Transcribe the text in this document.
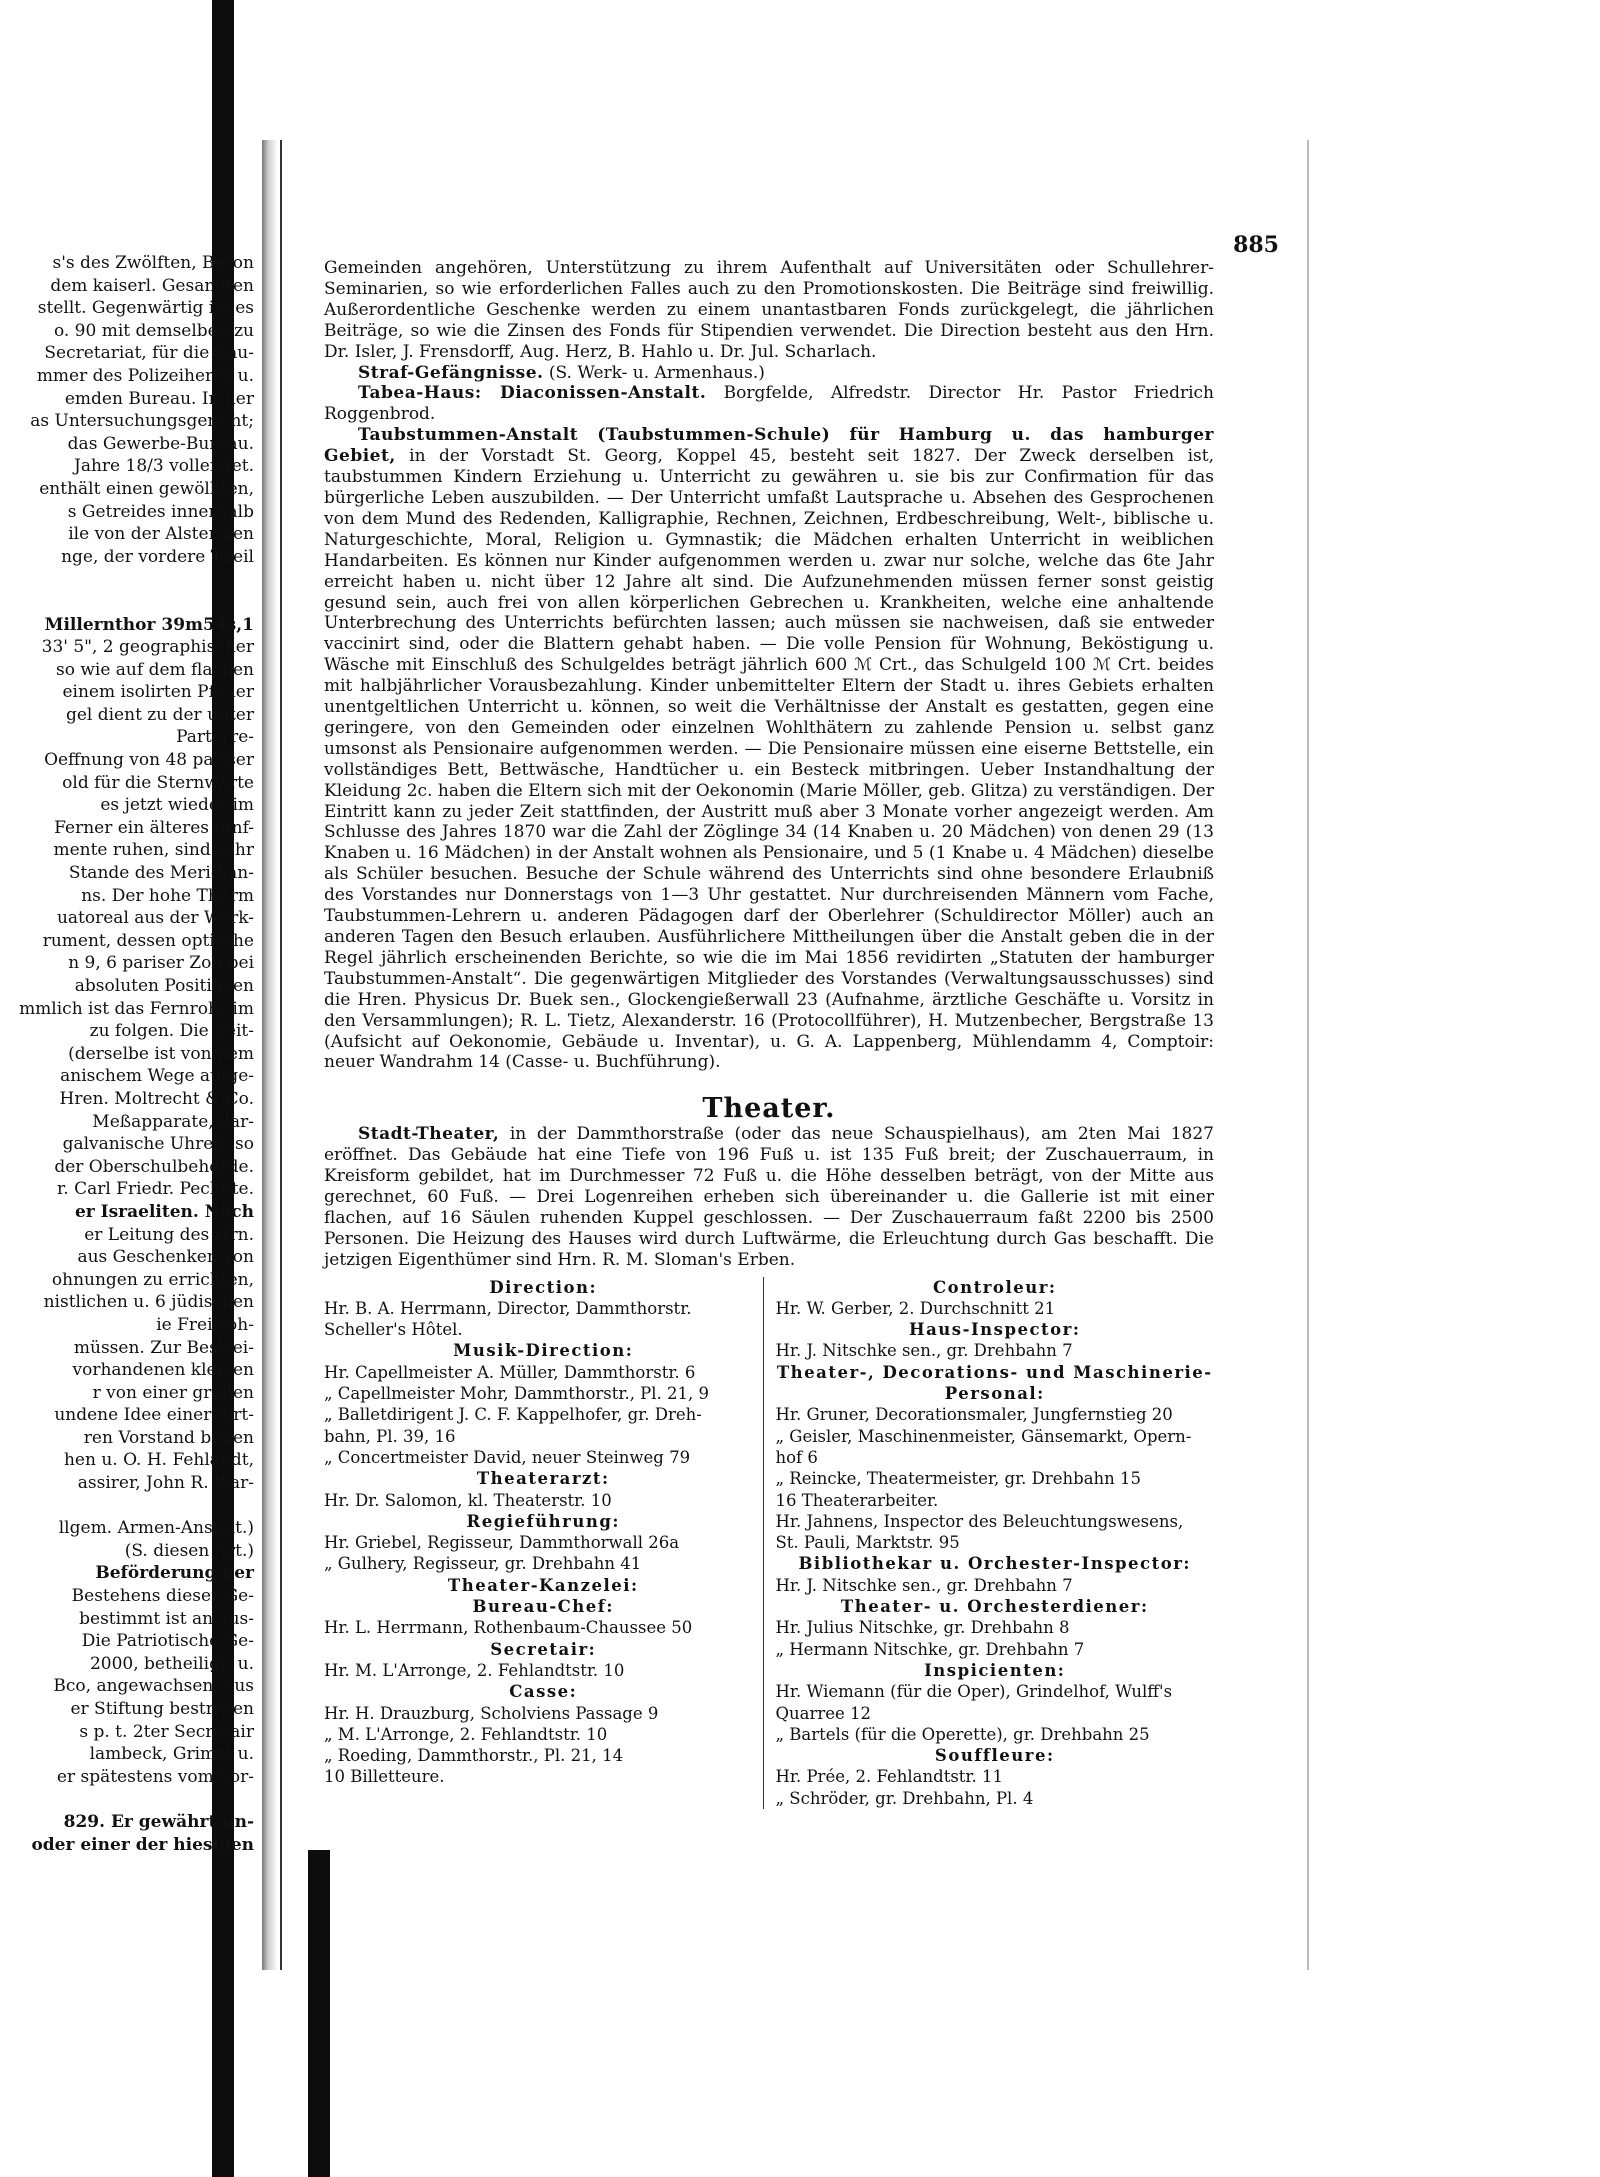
s's des Zwölften, Baron
dem kaiserl. Gesandten
stellt. Gegenwärtig ist es
o. 90 mit demselben zu
Secretariat, für die Bau-
mmer des Polizeiherrn u.
emden Bureau. In der
as Untersuchungsgericht;
das Gewerbe-Bureau.
Jahre 18/3 vollendet.
enthält einen gewölbten,
s Getreides innerhalb
ile von der Alster den
nge, der vordere Theil
Millernthor 39m54s,1
33' 5", 2 geographischer
so wie auf dem flachen
einem isolirten Pfeiler
gel dient zu der unter
Parterre-
Oeffnung von 48 pariser
old für die Sternwarte
es jetzt wieder im
Ferner ein älteres fünf-
mente ruhen, sind sehr
Stande des Meridian-
ns. Der hohe Thurm
uatoreal aus der Werk-
rument, dessen optische
n 9, 6 pariser Zoll bei
absoluten Positionen
mmlich ist das Fernrohr im
zu folgen. Die Zeit-
(derselbe ist von dem
anischem Wege aufge-
Hren. Moltrecht & Co.
Meßapparate, dar-
galvanische Uhren, so
der Oberschulbehörde.
r. Carl Friedr. Pechüte.
er Israeliten. Nach
er Leitung des Hrn.
aus Geschenken von
ohnungen zu errichten,
nistlichen u. 6 jüdischen
ie Freiwoh-
müssen. Zur Bestrei-
vorhandenen kleinen
r von einer großen
undene Idee einer fort-
ren Vorstand bilden
hen u. O. H. Fehlandt,
assirer, John R. War-
llgem. Armen-Anstalt.)
(S. diesen Art.)
Beförderung der
Bestehens dieser Ge-
bestimmt ist an aus-
Die Patriotische Ge-
2000, betheiligt, u.
Bco, angewachsen, aus
er Stiftung bestritten
s p. t. 2ter Secretair
lambeck, Grimm u.
er spätestens vom Vor-
829. Er gewährt un-
oder einer der hiesigen
885

Gemeinden angehören, Unterstützung zu ihrem Aufenthalt auf Universitäten oder Schullehrer-Seminarien, so wie erforderlichen Falles auch zu den Promotionskosten. Die Beiträge sind freiwillig. Außerordentliche Geschenke werden zu einem unantastbaren Fonds zurückgelegt, die jährlichen Beiträge, so wie die Zinsen des Fonds für Stipendien verwendet. Die Direction besteht aus den Hrn. Dr. Isler, J. Frensdorff, Aug. Herz, B. Hahlo u. Dr. Jul. Scharlach.

Straf-Gefängnisse. (S. Werk- u. Armenhaus.)

Tabea-Haus: Diaconissen-Anstalt. Borgfelde, Alfredstr. Director Hr. Pastor Friedrich Roggenbrod.

Taubstummen-Anstalt (Taubstummen-Schule) für Hamburg u. das hamburger Gebiet, in der Vorstadt St. Georg, Koppel 45, besteht seit 1827. Der Zweck derselben ist, taubstummen Kindern Erziehung u. Unterricht zu gewähren u. sie bis zur Confirmation für das bürgerliche Leben auszubilden. — Der Unterricht umfaßt Lautsprache u. Absehen des Gesprochenen von dem Mund des Redenden, Kalligraphie, Rechnen, Zeichnen, Erdbeschreibung, Welt-, biblische u. Naturgeschichte, Moral, Religion u. Gymnastik; die Mädchen erhalten Unterricht in weiblichen Handarbeiten. Es können nur Kinder aufgenommen werden u. zwar nur solche, welche das 6te Jahr erreicht haben u. nicht über 12 Jahre alt sind. Die Aufzunehmenden müssen ferner sonst geistig gesund sein, auch frei von allen körperlichen Gebrechen u. Krankheiten, welche eine anhaltende Unterbrechung des Unterrichts befürchten lassen; auch müssen sie nachweisen, daß sie entweder vaccinirt sind, oder die Blattern gehabt haben. — Die volle Pension für Wohnung, Beköstigung u. Wäsche mit Einschluß des Schulgeldes beträgt jährlich 600 ℳ Crt., das Schulgeld 100 ℳ Crt. beides mit halbjährlicher Vorausbezahlung. Kinder unbemittelter Eltern der Stadt u. ihres Gebiets erhalten unentgeltlichen Unterricht u. können, so weit die Verhältnisse der Anstalt es gestatten, gegen eine geringere, von den Gemeinden oder einzelnen Wohlthätern zu zahlende Pension u. selbst ganz umsonst als Pensionaire aufgenommen werden. — Die Pensionaire müssen eine eiserne Bettstelle, ein vollständiges Bett, Bettwäsche, Handtücher u. ein Besteck mitbringen. Ueber Instandhaltung der Kleidung 2c. haben die Eltern sich mit der Oekonomin (Marie Möller, geb. Glitza) zu verständigen. Der Eintritt kann zu jeder Zeit stattfinden, der Austritt muß aber 3 Monate vorher angezeigt werden. Am Schlusse des Jahres 1870 war die Zahl der Zöglinge 34 (14 Knaben u. 20 Mädchen) von denen 29 (13 Knaben u. 16 Mädchen) in der Anstalt wohnen als Pensionaire, und 5 (1 Knabe u. 4 Mädchen) dieselbe als Schüler besuchen. Besuche der Schule während des Unterrichts sind ohne besondere Erlaubniß des Vorstandes nur Donnerstags von 1—3 Uhr gestattet. Nur durchreisenden Männern vom Fache, Taubstummen-Lehrern u. anderen Pädagogen darf der Oberlehrer (Schuldirector Möller) auch an anderen Tagen den Besuch erlauben. Ausführlichere Mittheilungen über die Anstalt geben die in der Regel jährlich erscheinenden Berichte, so wie die im Mai 1856 revidirten „Statuten der hamburger Taubstummen-Anstalt“. Die gegenwärtigen Mitglieder des Vorstandes (Verwaltungsausschusses) sind die Hren. Physicus Dr. Buek sen., Glockengießerwall 23 (Aufnahme, ärztliche Geschäfte u. Vorsitz in den Versammlungen); R. L. Tietz, Alexanderstr. 16 (Protocollführer), H. Mutzenbecher, Bergstraße 13 (Aufsicht auf Oekonomie, Gebäude u. Inventar), u. G. A. Lappenberg, Mühlendamm 4, Comptoir: neuer Wandrahm 14 (Casse- u. Buchführung).

Theater.

Stadt-Theater, in der Dammthorstraße (oder das neue Schauspielhaus), am 2ten Mai 1827 eröffnet. Das Gebäude hat eine Tiefe von 196 Fuß u. ist 135 Fuß breit; der Zuschauerraum, in Kreisform gebildet, hat im Durchmesser 72 Fuß u. die Höhe desselben beträgt, von der Mitte aus gerechnet, 60 Fuß. — Drei Logenreihen erheben sich übereinander u. die Gallerie ist mit einer flachen, auf 16 Säulen ruhenden Kuppel geschlossen. — Der Zuschauerraum faßt 2200 bis 2500 Personen. Die Heizung des Hauses wird durch Luftwärme, die Erleuchtung durch Gas beschafft. Die jetzigen Eigenthümer sind Hrn. R. M. Sloman's Erben.

Direction:
Hr. B. A. Herrmann, Director, Dammthorstr.
Scheller's Hôtel.
Musik-Direction:
Hr. Capellmeister A. Müller, Dammthorstr. 6
„ Capellmeister Mohr, Dammthorstr., Pl. 21, 9
„ Balletdirigent J. C. F. Kappelhofer, gr. Dreh-
bahn, Pl. 39, 16
„ Concertmeister David, neuer Steinweg 79
Theaterarzt:
Hr. Dr. Salomon, kl. Theaterstr. 10
Regieführung:
Hr. Griebel, Regisseur, Dammthorwall 26a
„ Gulhery, Regisseur, gr. Drehbahn 41
Theater-Kanzelei:
Bureau-Chef:
Hr. L. Herrmann, Rothenbaum-Chaussee 50
Secretair:
Hr. M. L'Arronge, 2. Fehlandtstr. 10
Casse:
Hr. H. Drauzburg, Scholviens Passage 9
„ M. L'Arronge, 2. Fehlandtstr. 10
„ Roeding, Dammthorstr., Pl. 21, 14
10 Billetteure.
Controleur:
Hr. W. Gerber, 2. Durchschnitt 21
Haus-Inspector:
Hr. J. Nitschke sen., gr. Drehbahn 7
Theater-, Decorations- und Maschinerie-
Personal:
Hr. Gruner, Decorationsmaler, Jungfernstieg 20
„ Geisler, Maschinenmeister, Gänsemarkt, Opern-
hof 6
„ Reincke, Theatermeister, gr. Drehbahn 15
16 Theaterarbeiter.
Hr. Jahnens, Inspector des Beleuchtungswesens,
St. Pauli, Marktstr. 95
Bibliothekar u. Orchester-Inspector:
Hr. J. Nitschke sen., gr. Drehbahn 7
Theater- u. Orchesterdiener:
Hr. Julius Nitschke, gr. Drehbahn 8
„ Hermann Nitschke, gr. Drehbahn 7
Inspicienten:
Hr. Wiemann (für die Oper), Grindelhof, Wulff's
Quarree 12
„ Bartels (für die Operette), gr. Drehbahn 25
Souffleure:
Hr. Prée, 2. Fehlandtstr. 11
„ Schröder, gr. Drehbahn, Pl. 4
